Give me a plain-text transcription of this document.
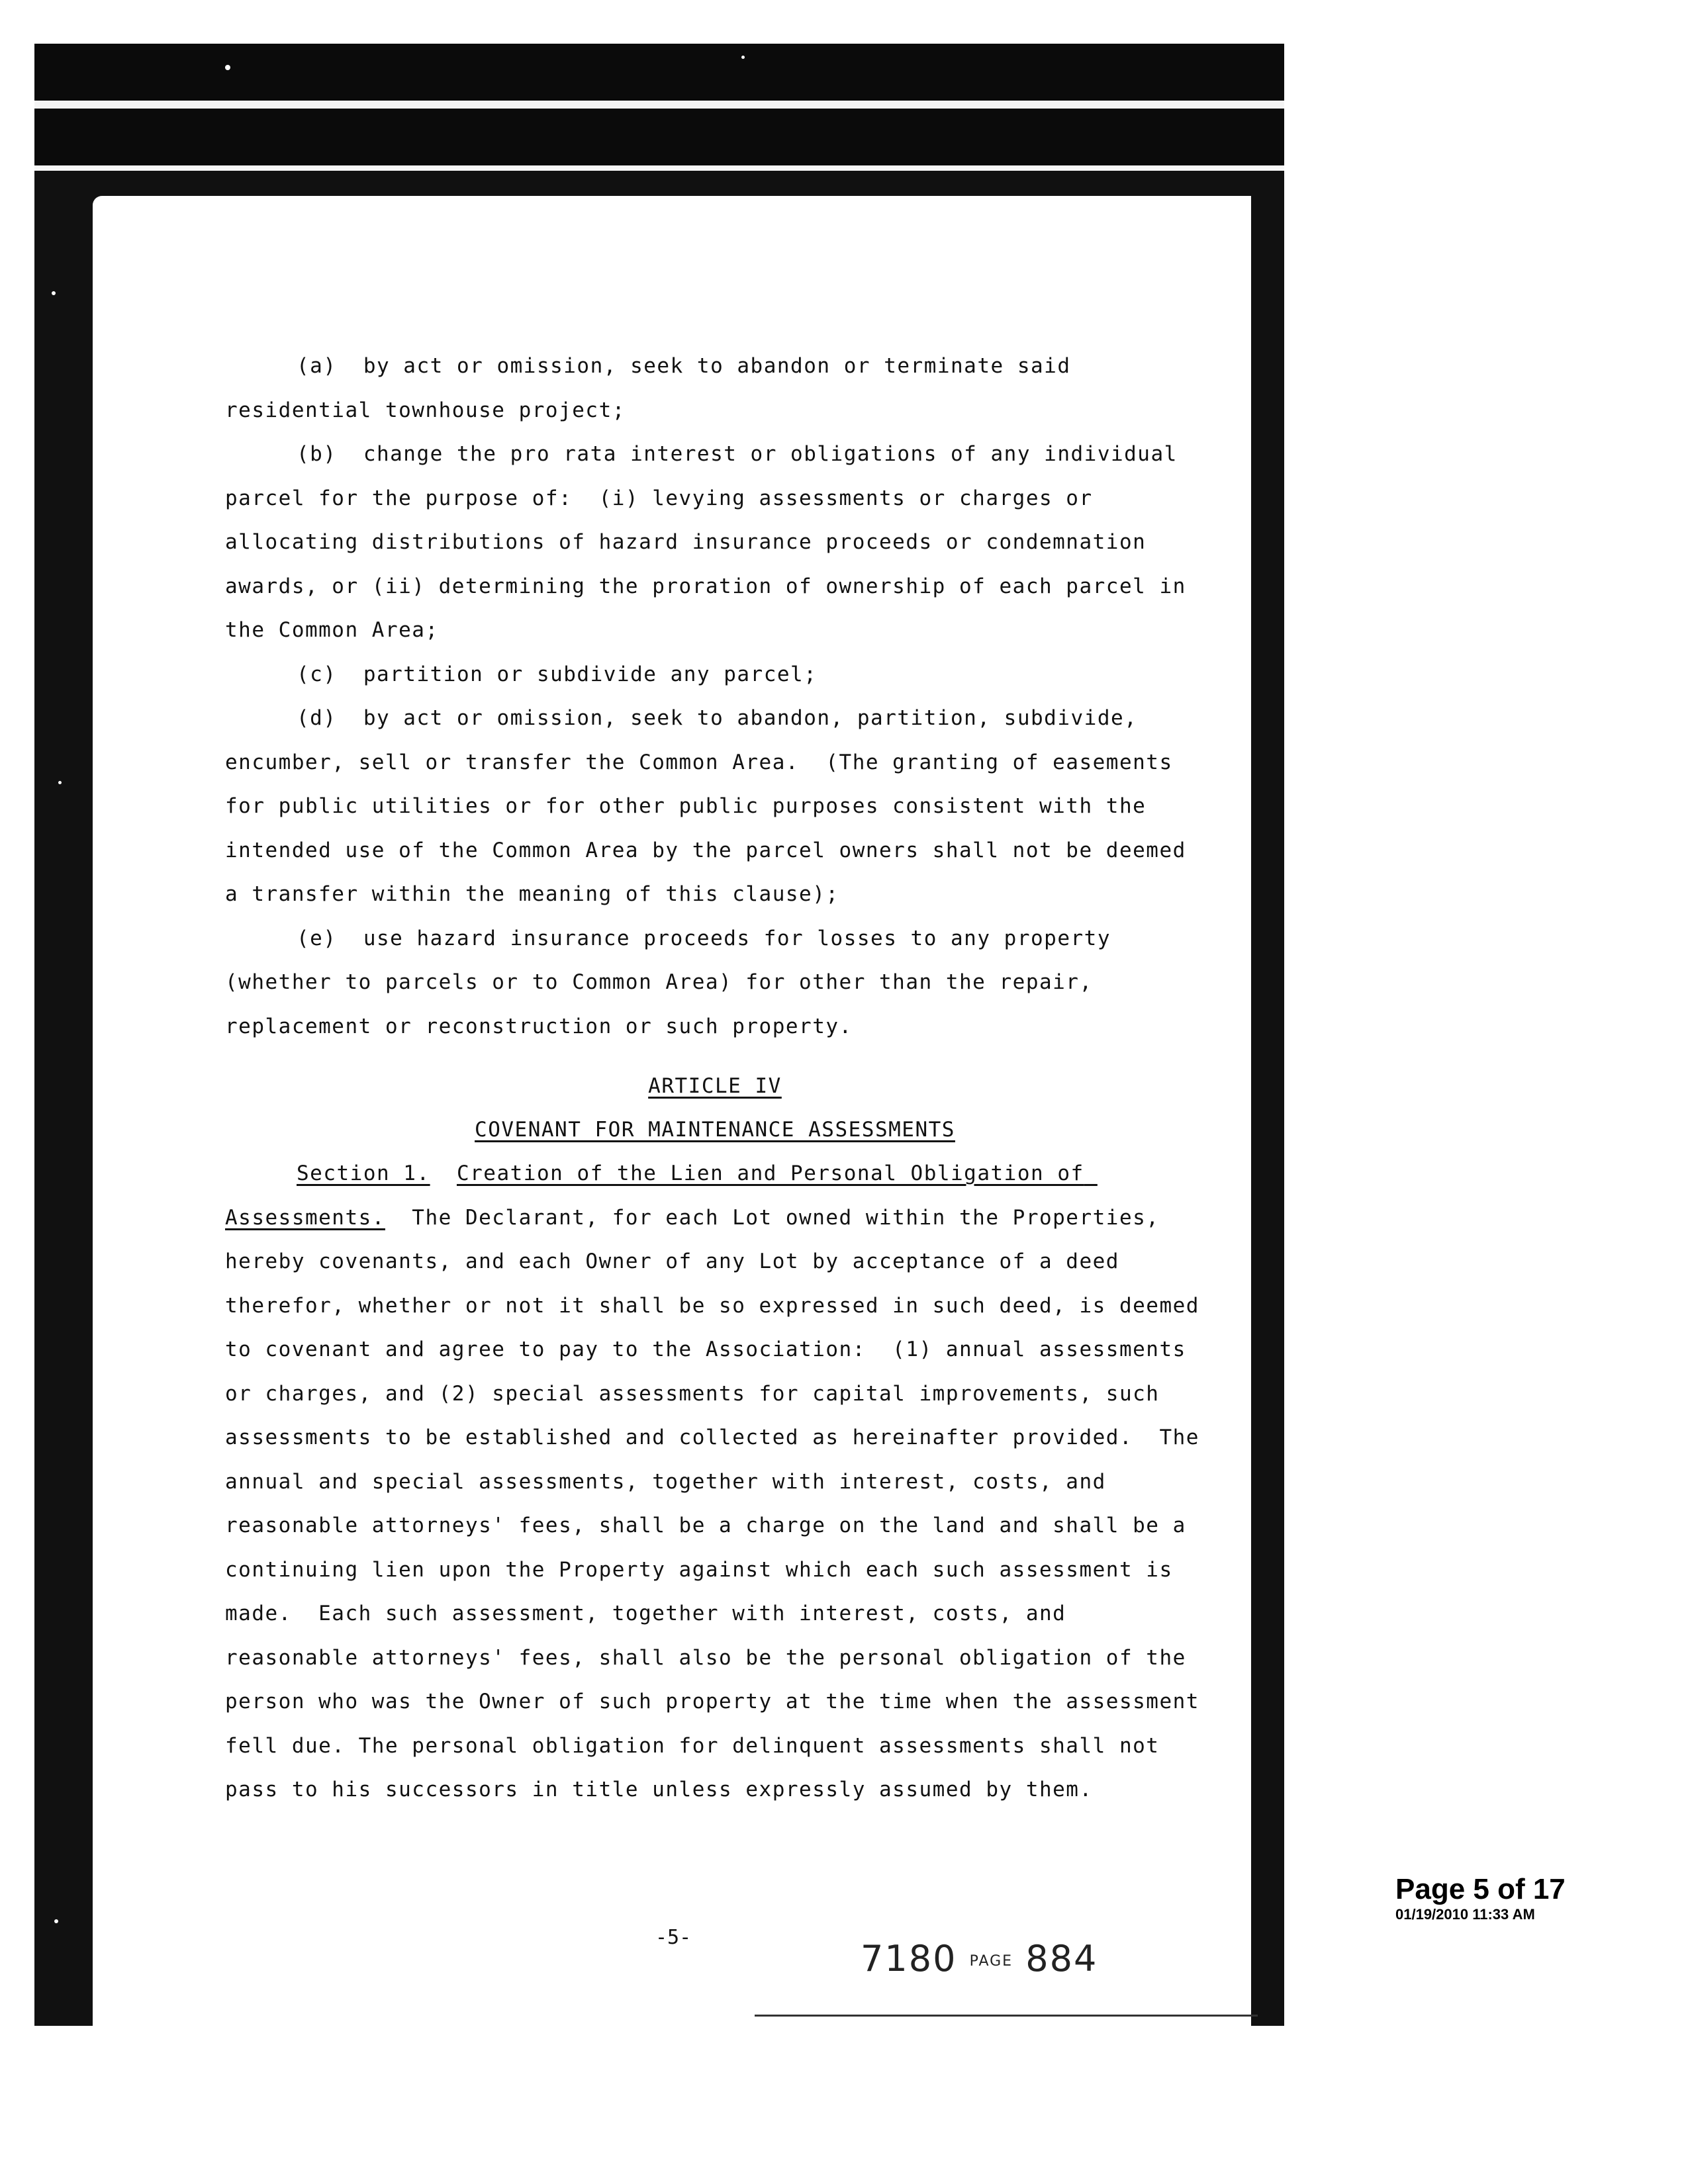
(a)  by act or omission, seek to abandon or terminate said residential townhouse project;

(b)  change the pro rata interest or obligations of any individual parcel for the purpose of:  (i) levying assessments or charges or allocating distributions of hazard insurance proceeds or condemnation awards, or (ii) determining the proration of ownership of each parcel in the Common Area;

(c)  partition or subdivide any parcel;

(d)  by act or omission, seek to abandon, partition, subdivide, encumber, sell or transfer the Common Area.  (The granting of easements for public utilities or for other public purposes consistent with the intended use of the Common Area by the parcel owners shall not be deemed a transfer within the meaning of this clause);

(e)  use hazard insurance proceeds for losses to any property (whether to parcels or to Common Area) for other than the repair, replacement or reconstruction or such property.

ARTICLE IV
COVENANT FOR MAINTENANCE ASSESSMENTS

Section 1. Creation of the Lien and Personal Obligation of Assessments. The Declarant, for each Lot owned within the Properties, hereby covenants, and each Owner of any Lot by acceptance of a deed therefor, whether or not it shall be so expressed in such deed, is deemed to covenant and agree to pay to the Association:  (1) annual assessments or charges, and (2) special assessments for capital improvements, such assessments to be established and collected as hereinafter provided.  The annual and special assessments, together with interest, costs, and reasonable attorneys' fees, shall be a charge on the land and shall be a continuing lien upon the Property against which each such assessment is made.  Each such assessment, together with interest, costs, and reasonable attorneys' fees, shall also be the personal obligation of the person who was the Owner of such property at the time when the assessment fell due. The personal obligation for delinquent assessments shall not pass to his successors in title unless expressly assumed by them.

-5-
7180 PAGE 884
Page 5 of 17
01/19/2010 11:33 AM
